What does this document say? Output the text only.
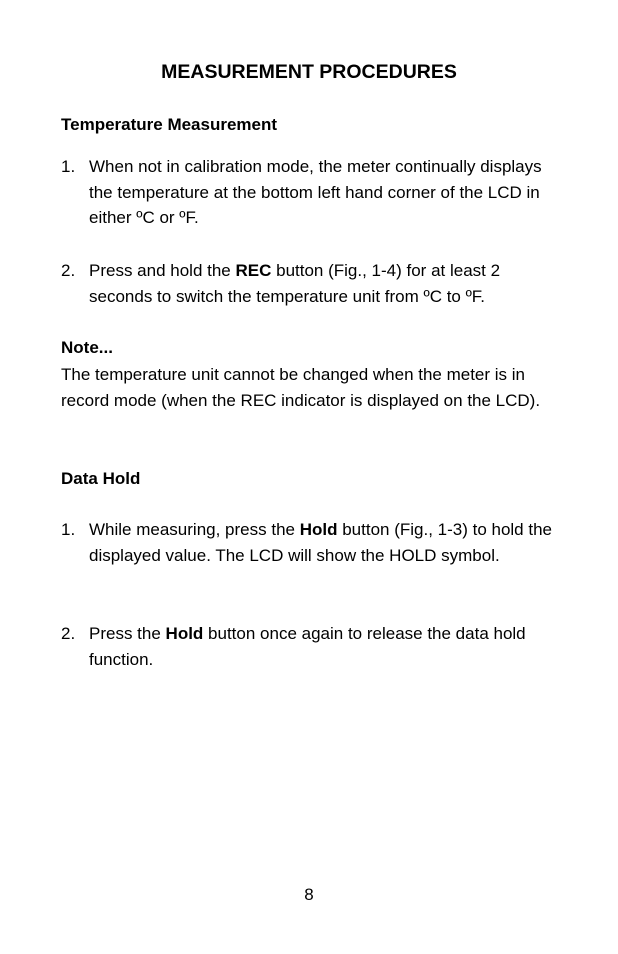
MEASUREMENT PROCEDURES
Temperature Measurement
1. When not in calibration mode, the meter continually displays the temperature at the bottom left hand corner of the LCD in either ºC or ºF.
2. Press and hold the REC button (Fig., 1-4) for at least 2 seconds to switch the temperature unit from ºC to ºF.
Note...
The temperature unit cannot be changed when the meter is in record mode (when the REC indicator is displayed on the LCD).
Data Hold
1. While measuring, press the Hold button (Fig., 1-3) to hold the displayed value. The LCD will show the HOLD symbol.
2. Press the Hold button once again to release the data hold function.
8
